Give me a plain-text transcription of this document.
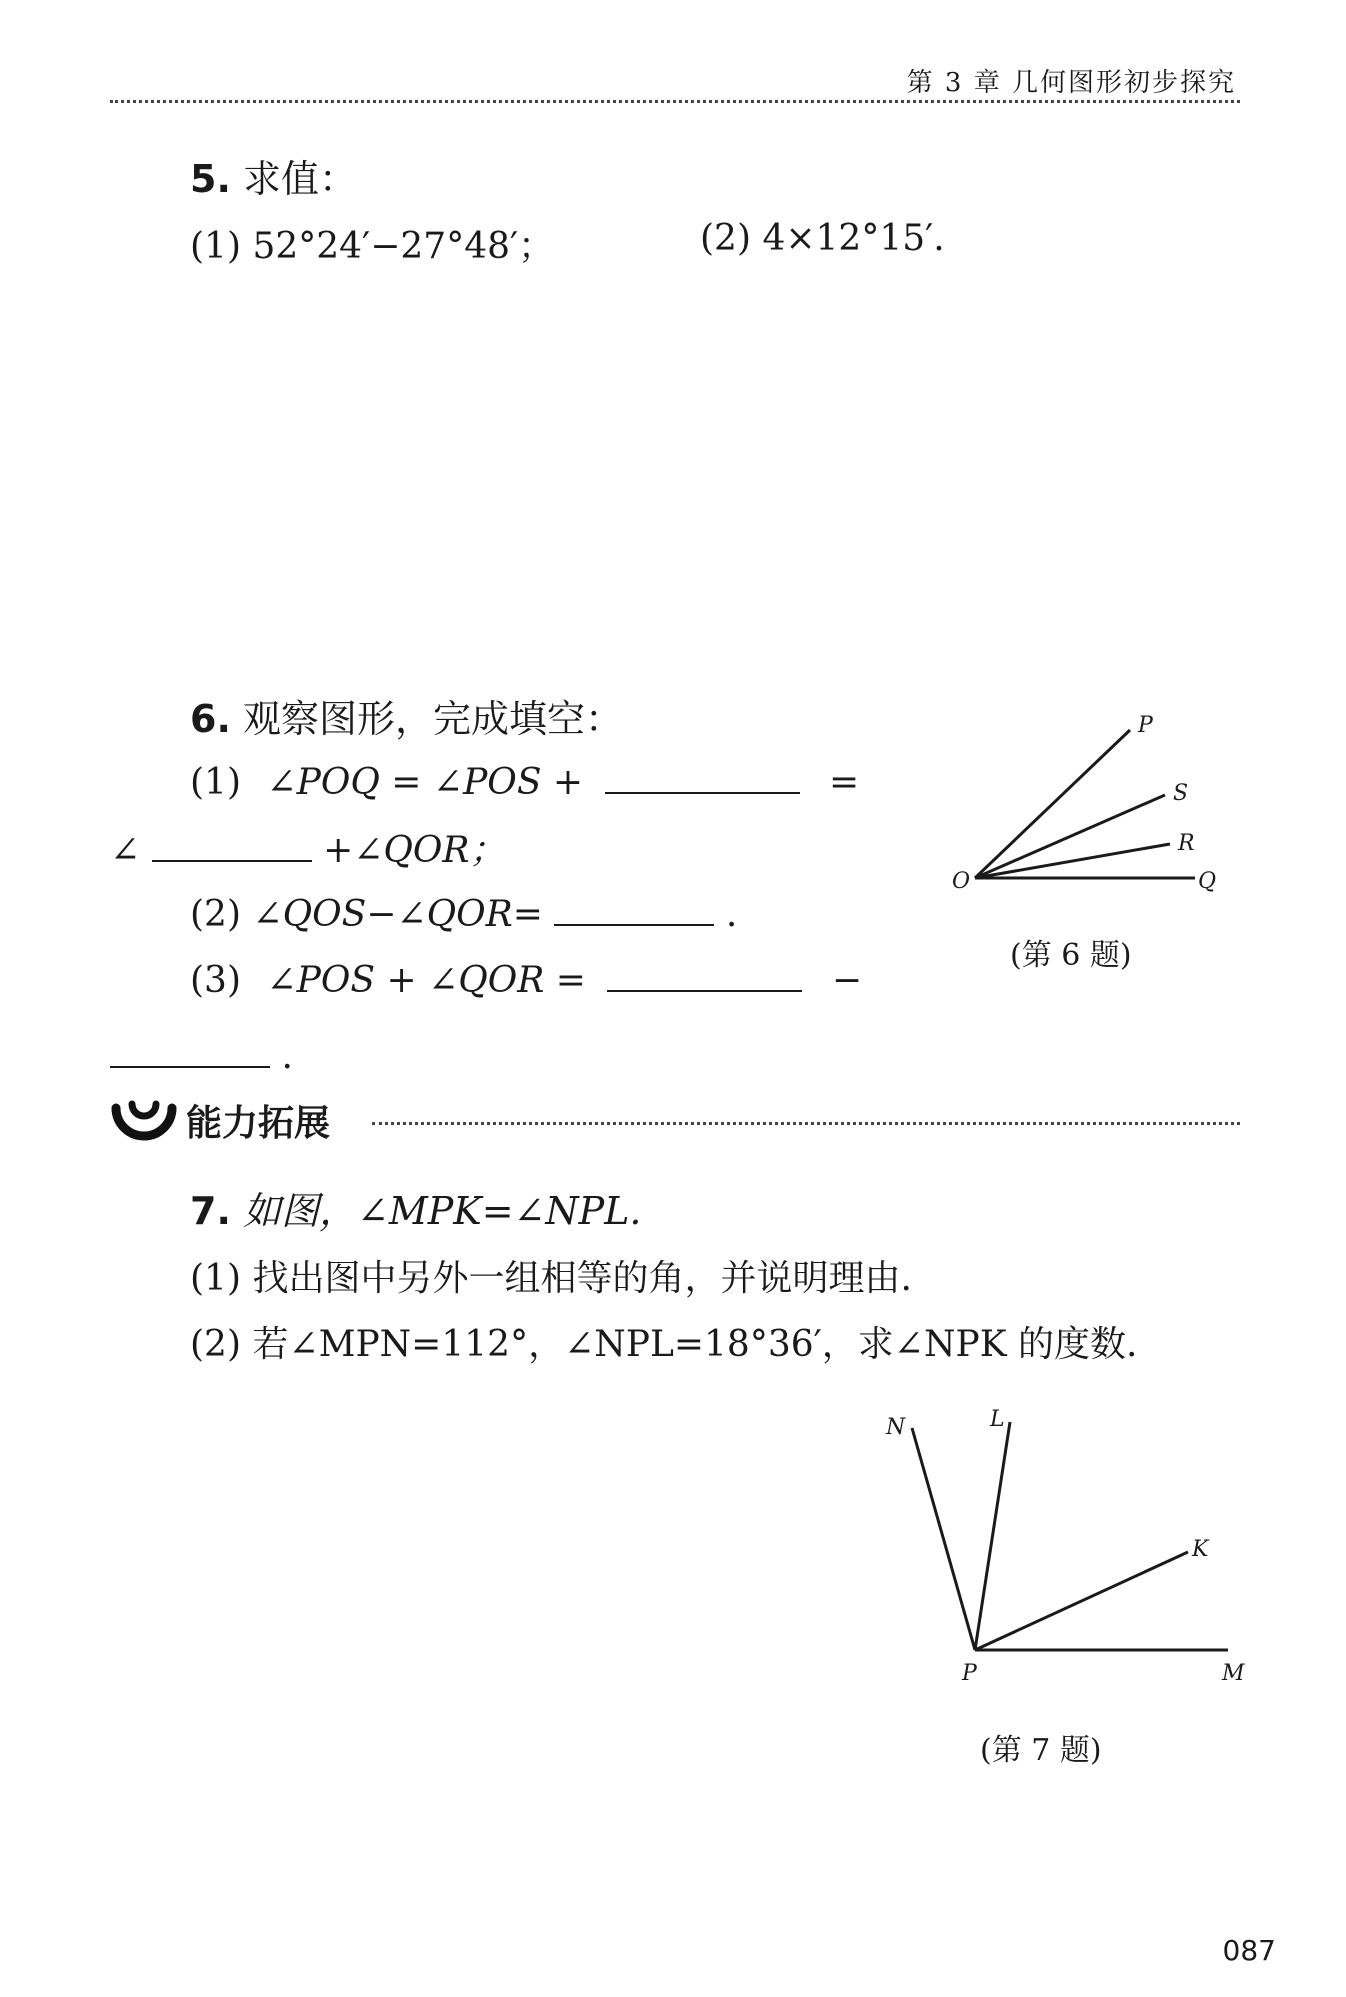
第 3 章 几何图形初步探究
5. 求值：
(1) 52°24′−27°48′；	(2) 4×12°15′.
6. 观察图形，完成填空：
(1) ∠POQ = ∠POS +	=
∠	+∠QOR；
(2) ∠QOS−∠QOR=	.
(3) ∠POS + ∠QOR =	−
.
P
S
R
O	Q
(第 6 题)
能力拓展
7. 如图，∠MPK=∠NPL.
(1) 找出图中另外一组相等的角，并说明理由.
(2) 若∠MPN=112°，∠NPL=18°36′，求∠NPK 的度数.
N	L
K
P	M
(第 7 题)
087
